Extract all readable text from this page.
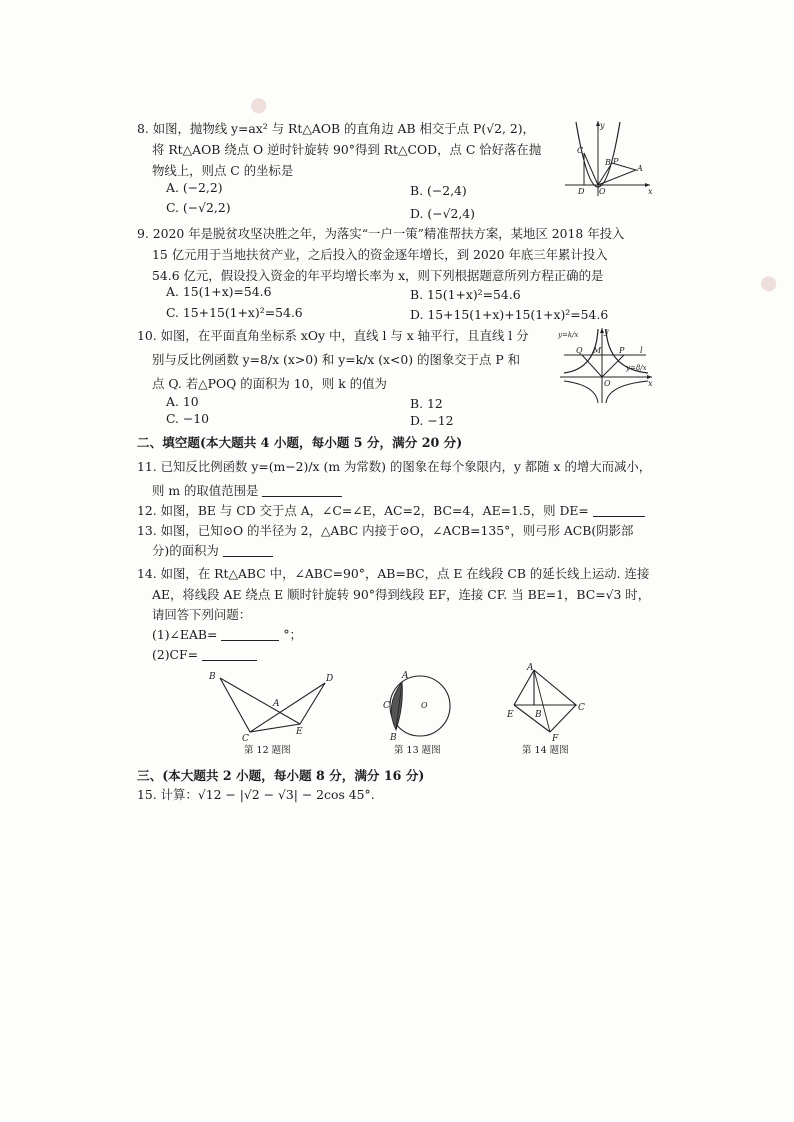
8. 如图，抛物线 y=ax² 与 Rt△AOB 的直角边 AB 相交于点 P(√2, 2)，
将 Rt△AOB 绕点 O 逆时针旋转 90°得到 Rt△COD，点 C 恰好落在抛
物线上，则点 C 的坐标是
A. (−2,2)	B. (−2,4)
C. (−√2,2)	D. (−√2,4)
y
C
B P
A
D O	x
9. 2020 年是脱贫攻坚决胜之年，为落实“一户一策”精准帮扶方案，某地区 2018 年投入
15 亿元用于当地扶贫产业，之后投入的资金逐年增长，到 2020 年底三年累计投入
54.6 亿元，假设投入资金的年平均增长率为 x，则下列根据题意所列方程正确的是
A. 15(1+x)=54.6	B. 15(1+x)²=54.6
C. 15+15(1+x)²=54.6	D. 15+15(1+x)+15(1+x)²=54.6
10. 如图，在平面直角坐标系 xOy 中，直线 l 与 x 轴平行，且直线 l 分
别与反比例函数 y=8/x (x>0) 和 y=k/x (x<0) 的图象交于点 P 和
点 Q. 若△POQ 的面积为 10，则 k 的值为
A. 10	B. 12
C. −10	D. −12
y=k/x	y
Q M P l
O	x
y=8/x
二、填空题(本大题共 4 小题，每小题 5 分，满分 20 分)
11. 已知反比例函数 y=(m−2)/x (m 为常数) 的图象在每个象限内，y 都随 x 的增大而减小，
则 m 的取值范围是
12. 如图，BE 与 CD 交于点 A，∠C=∠E，AC=2，BC=4，AE=1.5，则 DE=
13. 如图，已知⊙O 的半径为 2，△ABC 内接于⊙O，∠ACB=135°，则弓形 ACB(阴影部
分)的面积为
14. 如图，在 Rt△ABC 中，∠ABC=90°，AB=BC，点 E 在线段 CB 的延长线上运动. 连接
AE，将线段 AE 绕点 E 顺时针旋转 90°得到线段 EF，连接 CF. 当 BE=1，BC=√3 时，
请回答下列问题：
(1)∠EAB=	°；
(2)CF=
B	D
A
C
E
第 12 题图
A
C	O
B
第 13 题图
A
E B
C
F
第 14 题图
三、(本大题共 2 小题，每小题 8 分，满分 16 分)
15. 计算：√12 − |√2 − √3| − 2cos 45°.
●
●
